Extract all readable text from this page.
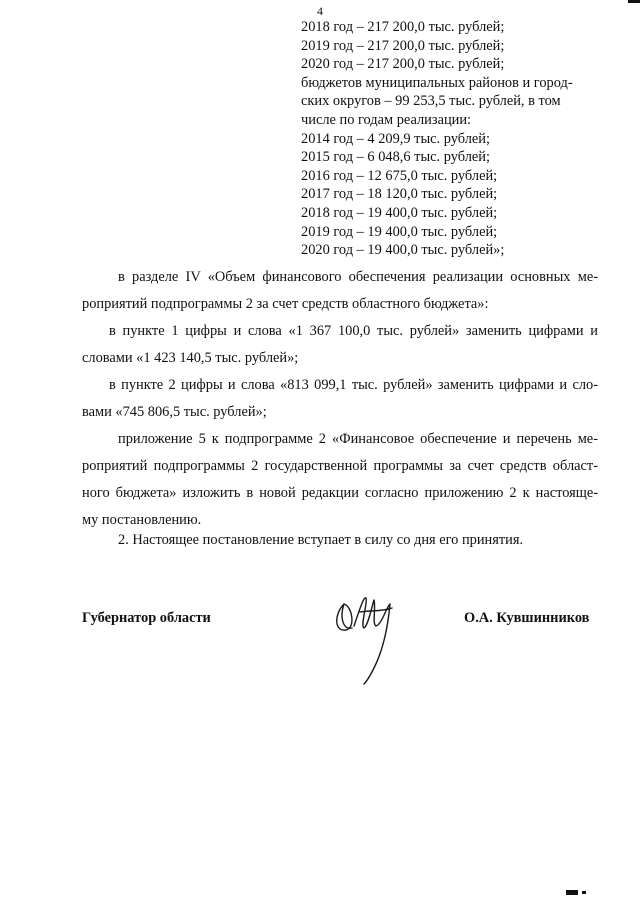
4
2018 год – 217 200,0 тыс. рублей;
2019 год – 217 200,0 тыс. рублей;
2020 год – 217 200,0 тыс. рублей;
бюджетов муниципальных районов и город-
ских округов – 99 253,5 тыс. рублей, в том
числе по годам реализации:
2014 год – 4 209,9 тыс. рублей;
2015 год – 6 048,6 тыс. рублей;
2016 год – 12 675,0 тыс. рублей;
2017 год – 18 120,0 тыс. рублей;
2018 год – 19 400,0 тыс. рублей;
2019 год – 19 400,0 тыс. рублей;
2020 год – 19 400,0 тыс. рублей»;
в разделе IV «Объем финансового обеспечения реализации основных ме-
роприятий подпрограммы 2 за счет средств областного бюджета»:
в пункте 1 цифры и слова «1 367 100,0 тыс. рублей» заменить цифрами и
словами «1 423 140,5 тыс. рублей»;
в пункте 2 цифры и слова «813 099,1 тыс. рублей» заменить цифрами и сло-
вами «745 806,5 тыс. рублей»;
приложение 5 к подпрограмме 2 «Финансовое обеспечение и перечень ме-
роприятий подпрограммы 2 государственной программы за счет средств област-
ного бюджета» изложить в новой редакции согласно приложению 2 к настояще-
му постановлению.
2. Настоящее постановление вступает в силу со дня его принятия.
Губернатор области	О.А. Кувшинников
